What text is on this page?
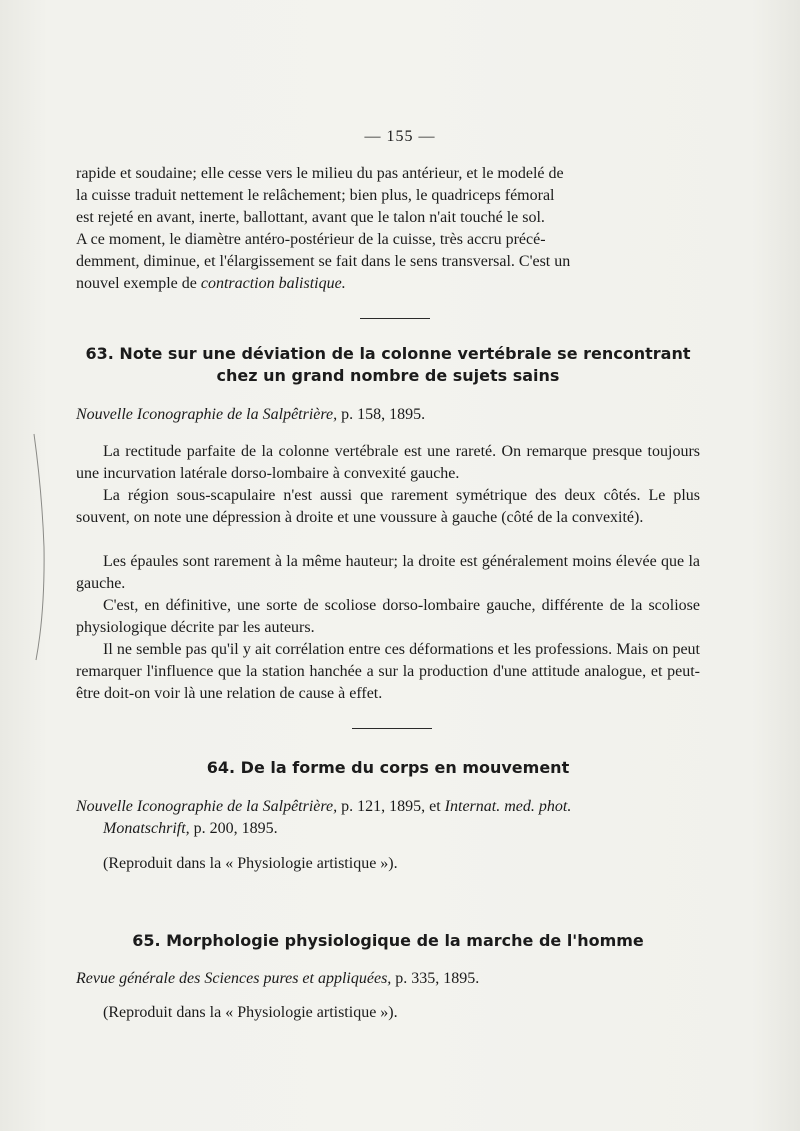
— 155 —
rapide et soudaine; elle cesse vers le milieu du pas antérieur, et le modelé de
la cuisse traduit nettement le relâchement; bien plus, le quadriceps fémoral
est rejeté en avant, inerte, ballottant, avant que le talon n'ait touché le sol.
A ce moment, le diamètre antéro-postérieur de la cuisse, très accru précé-
demment, diminue, et l'élargissement se fait dans le sens transversal. C'est un
nouvel exemple de contraction balistique.
63. Note sur une déviation de la colonne vertébrale se rencontrant
chez un grand nombre de sujets sains
Nouvelle Iconographie de la Salpêtrière, p. 158, 1895.
La rectitude parfaite de la colonne vertébrale est une rareté. On remarque presque toujours une incurvation latérale dorso-lombaire à convexité gauche.
La région sous-scapulaire n'est aussi que rarement symétrique des deux côtés. Le plus souvent, on note une dépression à droite et une voussure à gauche (côté de la convexité).
Les épaules sont rarement à la même hauteur; la droite est généralement moins élevée que la gauche.
C'est, en définitive, une sorte de scoliose dorso-lombaire gauche, différente de la scoliose physiologique décrite par les auteurs.
Il ne semble pas qu'il y ait corrélation entre ces déformations et les professions. Mais on peut remarquer l'influence que la station hanchée a sur la production d'une attitude analogue, et peut-être doit-on voir là une relation de cause à effet.
64. De la forme du corps en mouvement
Nouvelle Iconographie de la Salpêtrière, p. 121, 1895, et Internat. med. phot.
Monatschrift, p. 200, 1895.
(Reproduit dans la « Physiologie artistique »).
65. Morphologie physiologique de la marche de l'homme
Revue générale des Sciences pures et appliquées, p. 335, 1895.
(Reproduit dans la « Physiologie artistique »).
